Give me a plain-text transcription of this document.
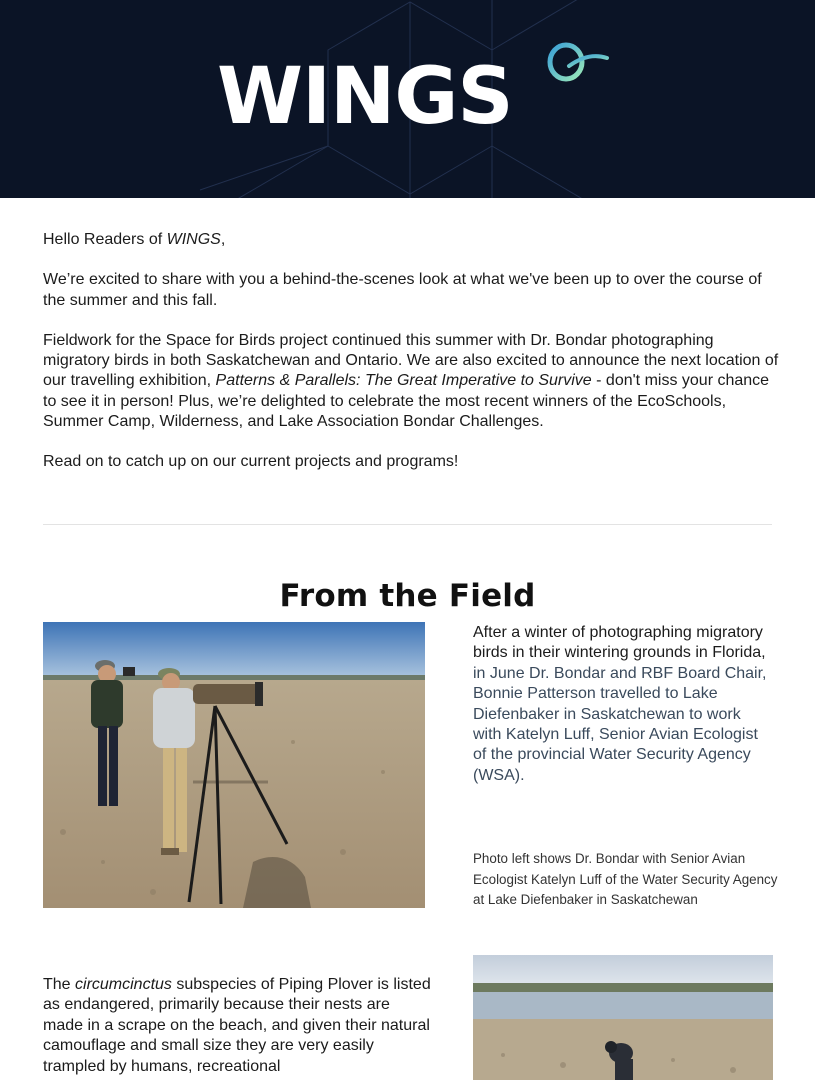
WINGS

Hello Readers of WINGS,

We’re excited to share with you a behind-the-scenes look at what we've been up to over the course of the summer and this fall.

Fieldwork for the Space for Birds project continued this summer with Dr. Bondar photographing migratory birds in both Saskatchewan and Ontario. We are also excited to announce the next location of our travelling exhibition, Patterns & Parallels: The Great Imperative to Survive - don't miss your chance to see it in person! Plus, we’re delighted to celebrate the most recent winners of the EcoSchools, Summer Camp, Wilderness, and Lake Association Bondar Challenges.

Read on to catch up on our current projects and programs!

From the Field
After a winter of photographing migratory birds in their wintering grounds in Florida, in June Dr. Bondar and RBF Board Chair, Bonnie Patterson travelled to Lake Diefenbaker in Saskatchewan to work with Katelyn Luff, Senior Avian Ecologist of the provincial Water Security Agency (WSA).
Photo left shows Dr. Bondar with Senior Avian Ecologist Katelyn Luff of the Water Security Agency at Lake Diefenbaker in Saskatchewan
The circumcinctus subspecies of Piping Plover is listed as endangered, primarily because their nests are made in a scrape on the beach, and given their natural camouflage and small size they are very easily trampled by humans, recreational
